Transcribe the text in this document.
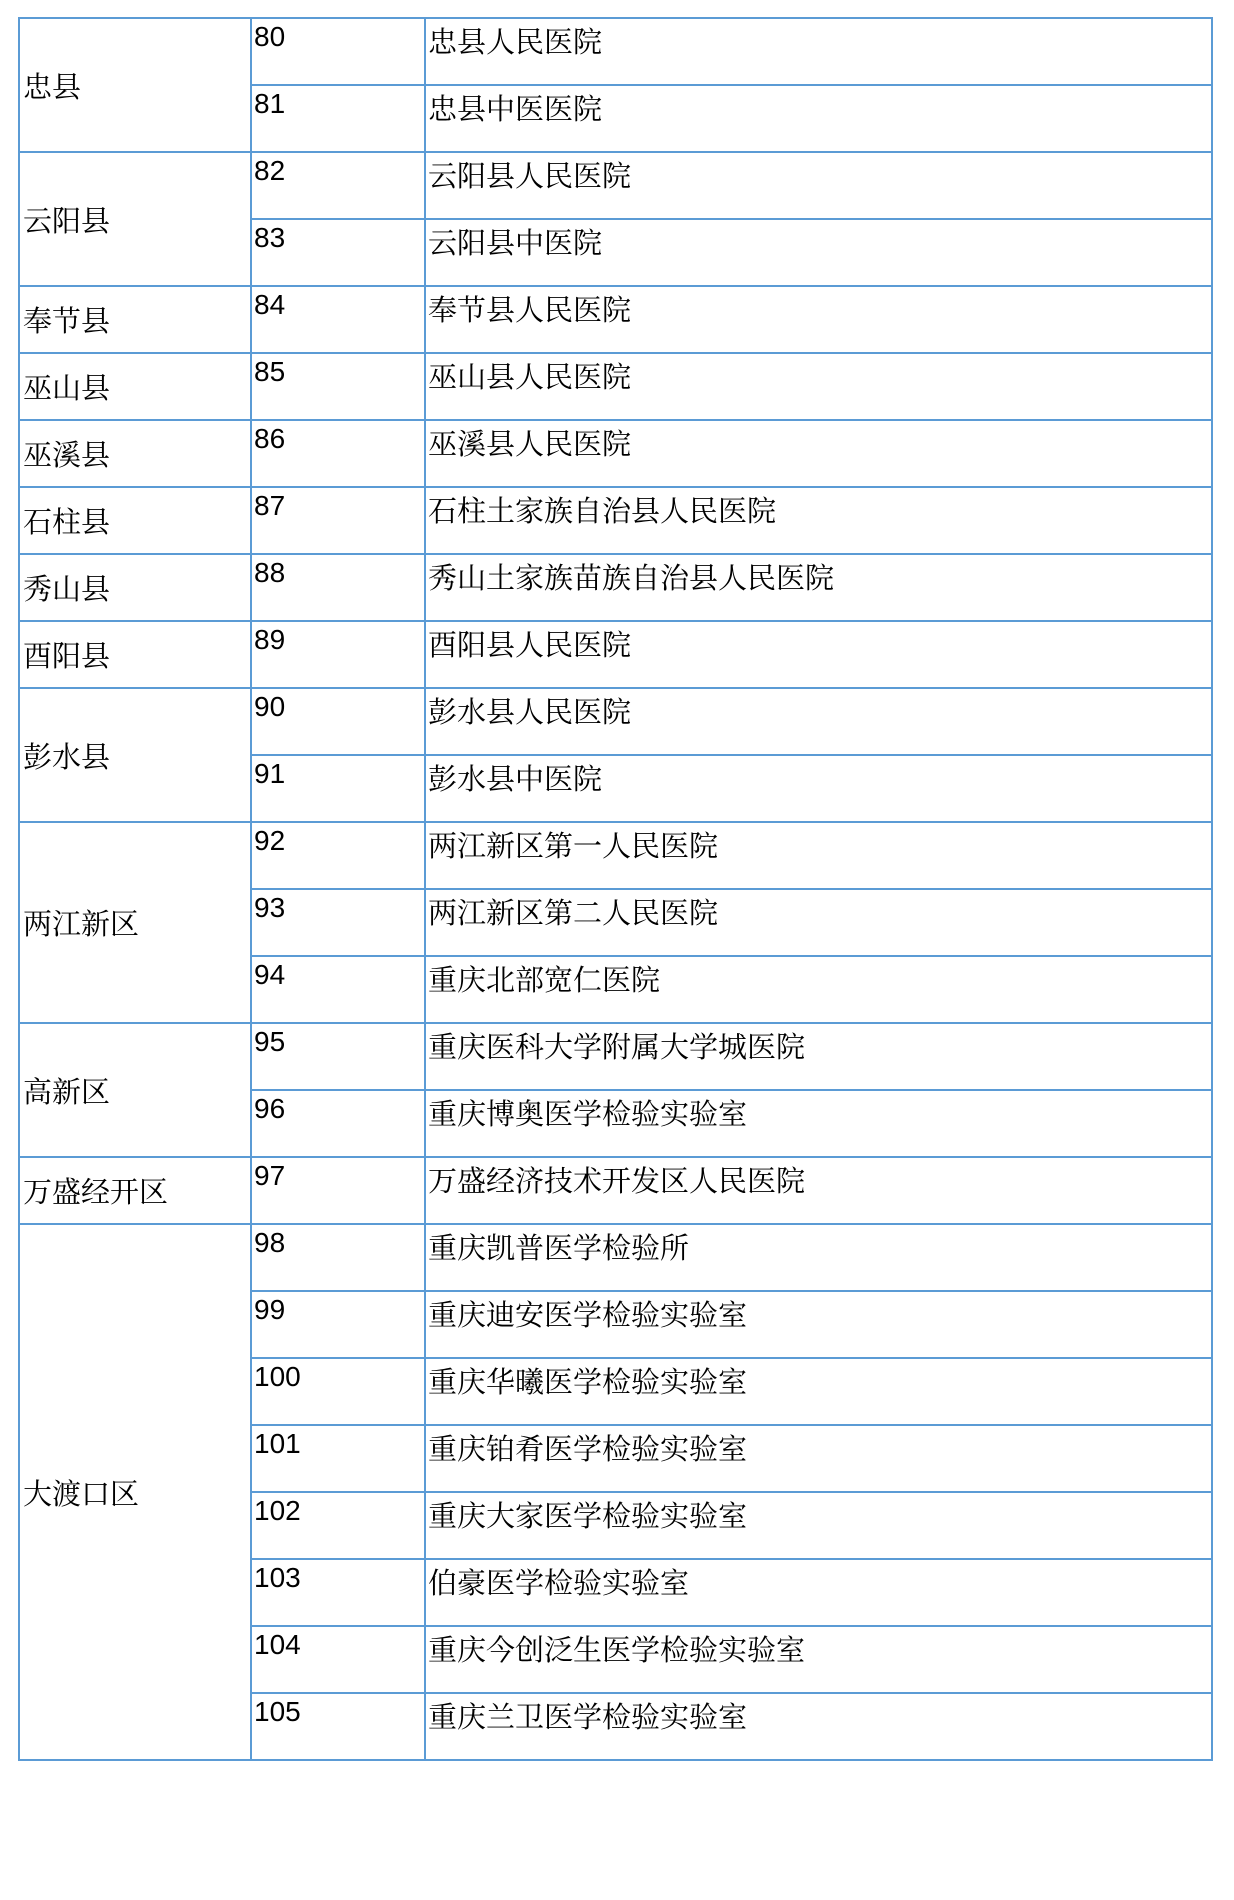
忠县	80	忠县人民医院
	81	忠县中医医院
云阳县	82	云阳县人民医院
	83	云阳县中医院
奉节县	84	奉节县人民医院
巫山县	85	巫山县人民医院
巫溪县	86	巫溪县人民医院
石柱县	87	石柱土家族自治县人民医院
秀山县	88	秀山土家族苗族自治县人民医院
酉阳县	89	酉阳县人民医院
彭水县	90	彭水县人民医院
	91	彭水县中医院
两江新区	92	两江新区第一人民医院
	93	两江新区第二人民医院
	94	重庆北部宽仁医院
高新区	95	重庆医科大学附属大学城医院
	96	重庆博奥医学检验实验室
万盛经开区	97	万盛经济技术开发区人民医院
大渡口区	98	重庆凯普医学检验所
	99	重庆迪安医学检验实验室
	100	重庆华曦医学检验实验室
	101	重庆铂肴医学检验实验室
	102	重庆大家医学检验实验室
	103	伯豪医学检验实验室
	104	重庆今创泛生医学检验实验室
	105	重庆兰卫医学检验实验室
